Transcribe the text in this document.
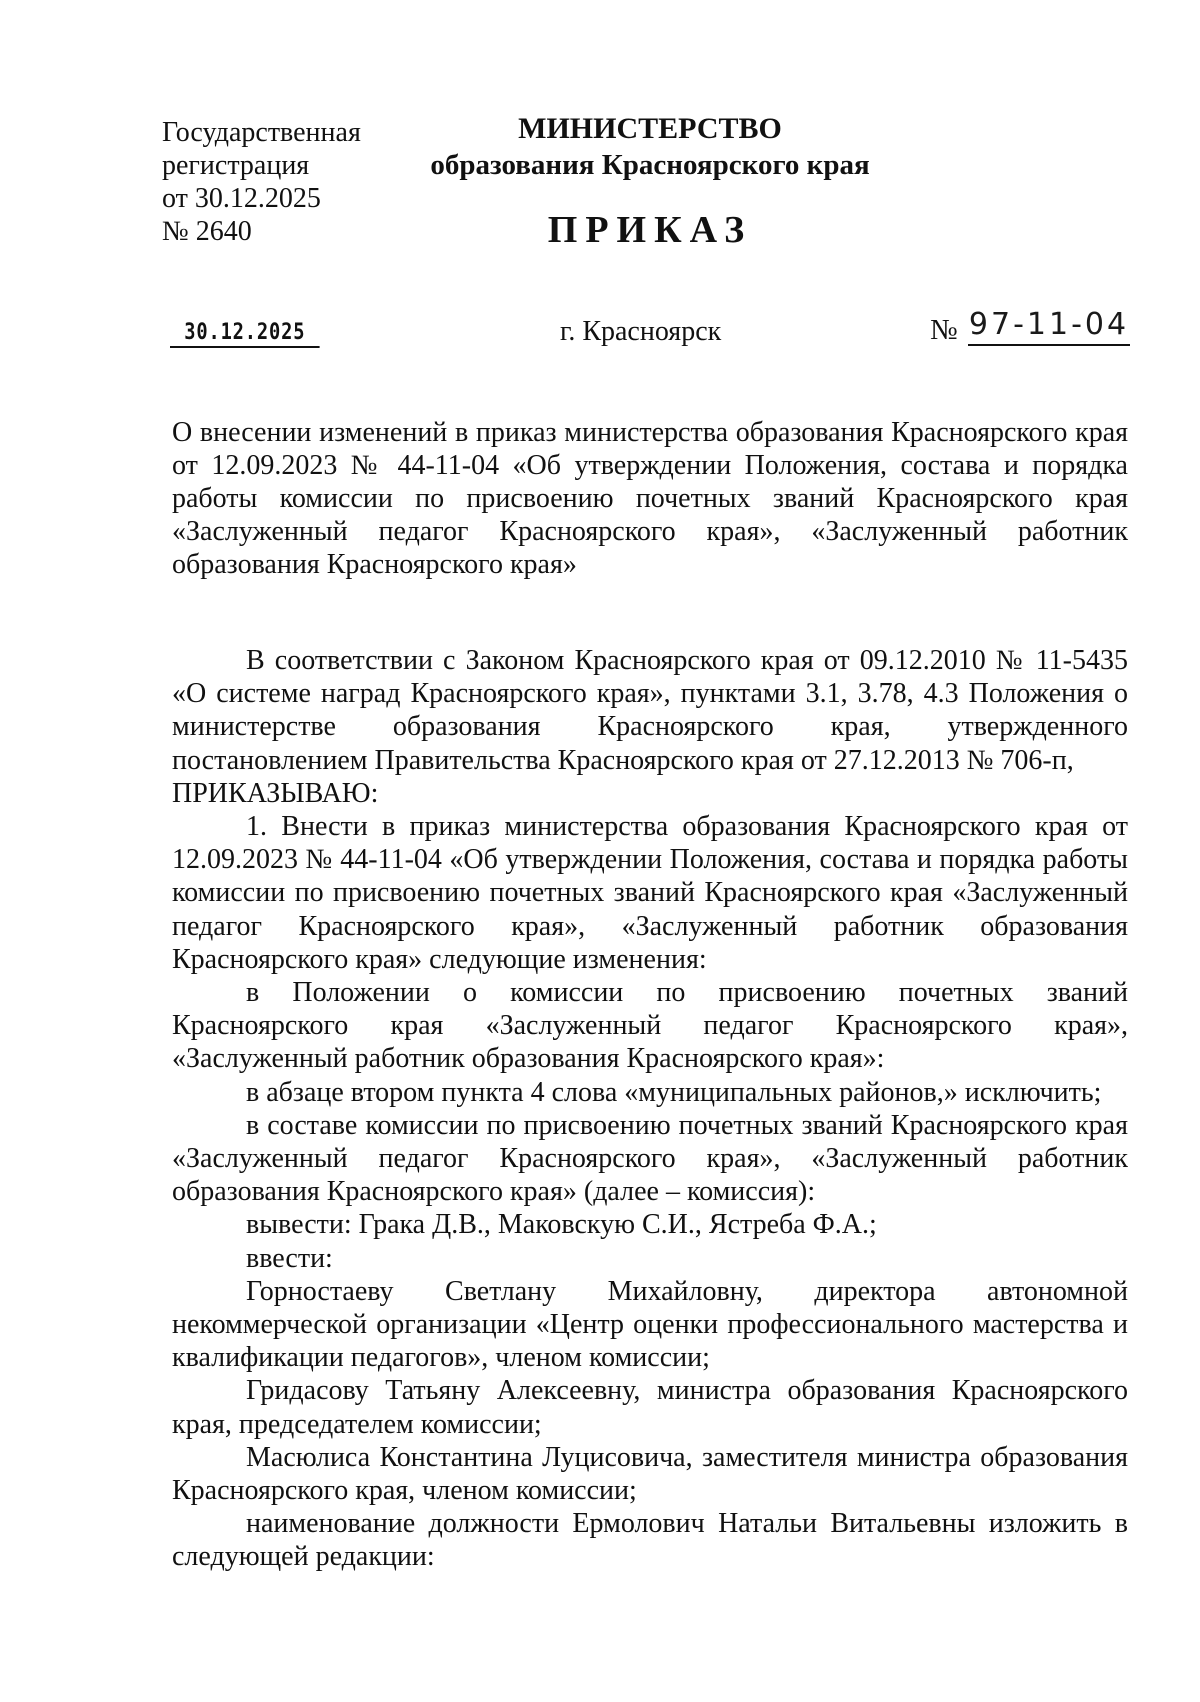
Государственная
регистрация
от 30.12.2025
№ 2640
МИНИСТЕРСТВО
образования Красноярского края
ПРИКАЗ
30.12.2025	г. Красноярск	№ 97-11-04

О внесении изменений в приказ министерства образования Красноярского края от 12.09.2023 № 44-11-04 «Об утверждении Положения, состава и порядка работы комиссии по присвоению почетных званий Красноярского края «Заслуженный педагог Красноярского края», «Заслуженный работник образования Красноярского края»

В соответствии с Законом Красноярского края от 09.12.2010 № 11-5435 «О системе наград Красноярского края», пунктами 3.1, 3.78, 4.3 Положения о министерстве образования Красноярского края, утвержденного постановлением Правительства Красноярского края от 27.12.2013 № 706-п,

ПРИКАЗЫВАЮ:

1. Внести в приказ министерства образования Красноярского края от 12.09.2023 № 44-11-04 «Об утверждении Положения, состава и порядка работы комиссии по присвоению почетных званий Красноярского края «Заслуженный педагог Красноярского края», «Заслуженный работник образования Красноярского края» следующие изменения:

в Положении о комиссии по присвоению почетных званий Красноярского края «Заслуженный педагог Красноярского края», «Заслуженный работник образования Красноярского края»:

в абзаце втором пункта 4 слова «муниципальных районов,» исключить;

в составе комиссии по присвоению почетных званий Красноярского края «Заслуженный педагог Красноярского края», «Заслуженный работник образования Красноярского края» (далее – комиссия):

вывести: Грака Д.В., Маковскую С.И., Ястреба Ф.А.;

ввести:

Горностаеву Светлану Михайловну, директора автономной некоммерческой организации «Центр оценки профессионального мастерства и квалификации педагогов», членом комиссии;

Гридасову Татьяну Алексеевну, министра образования Красноярского края, председателем комиссии;

Масюлиса Константина Луцисовича, заместителя министра образования Красноярского края, членом комиссии;

наименование должности Ермолович Натальи Витальевны изложить в следующей редакции:
